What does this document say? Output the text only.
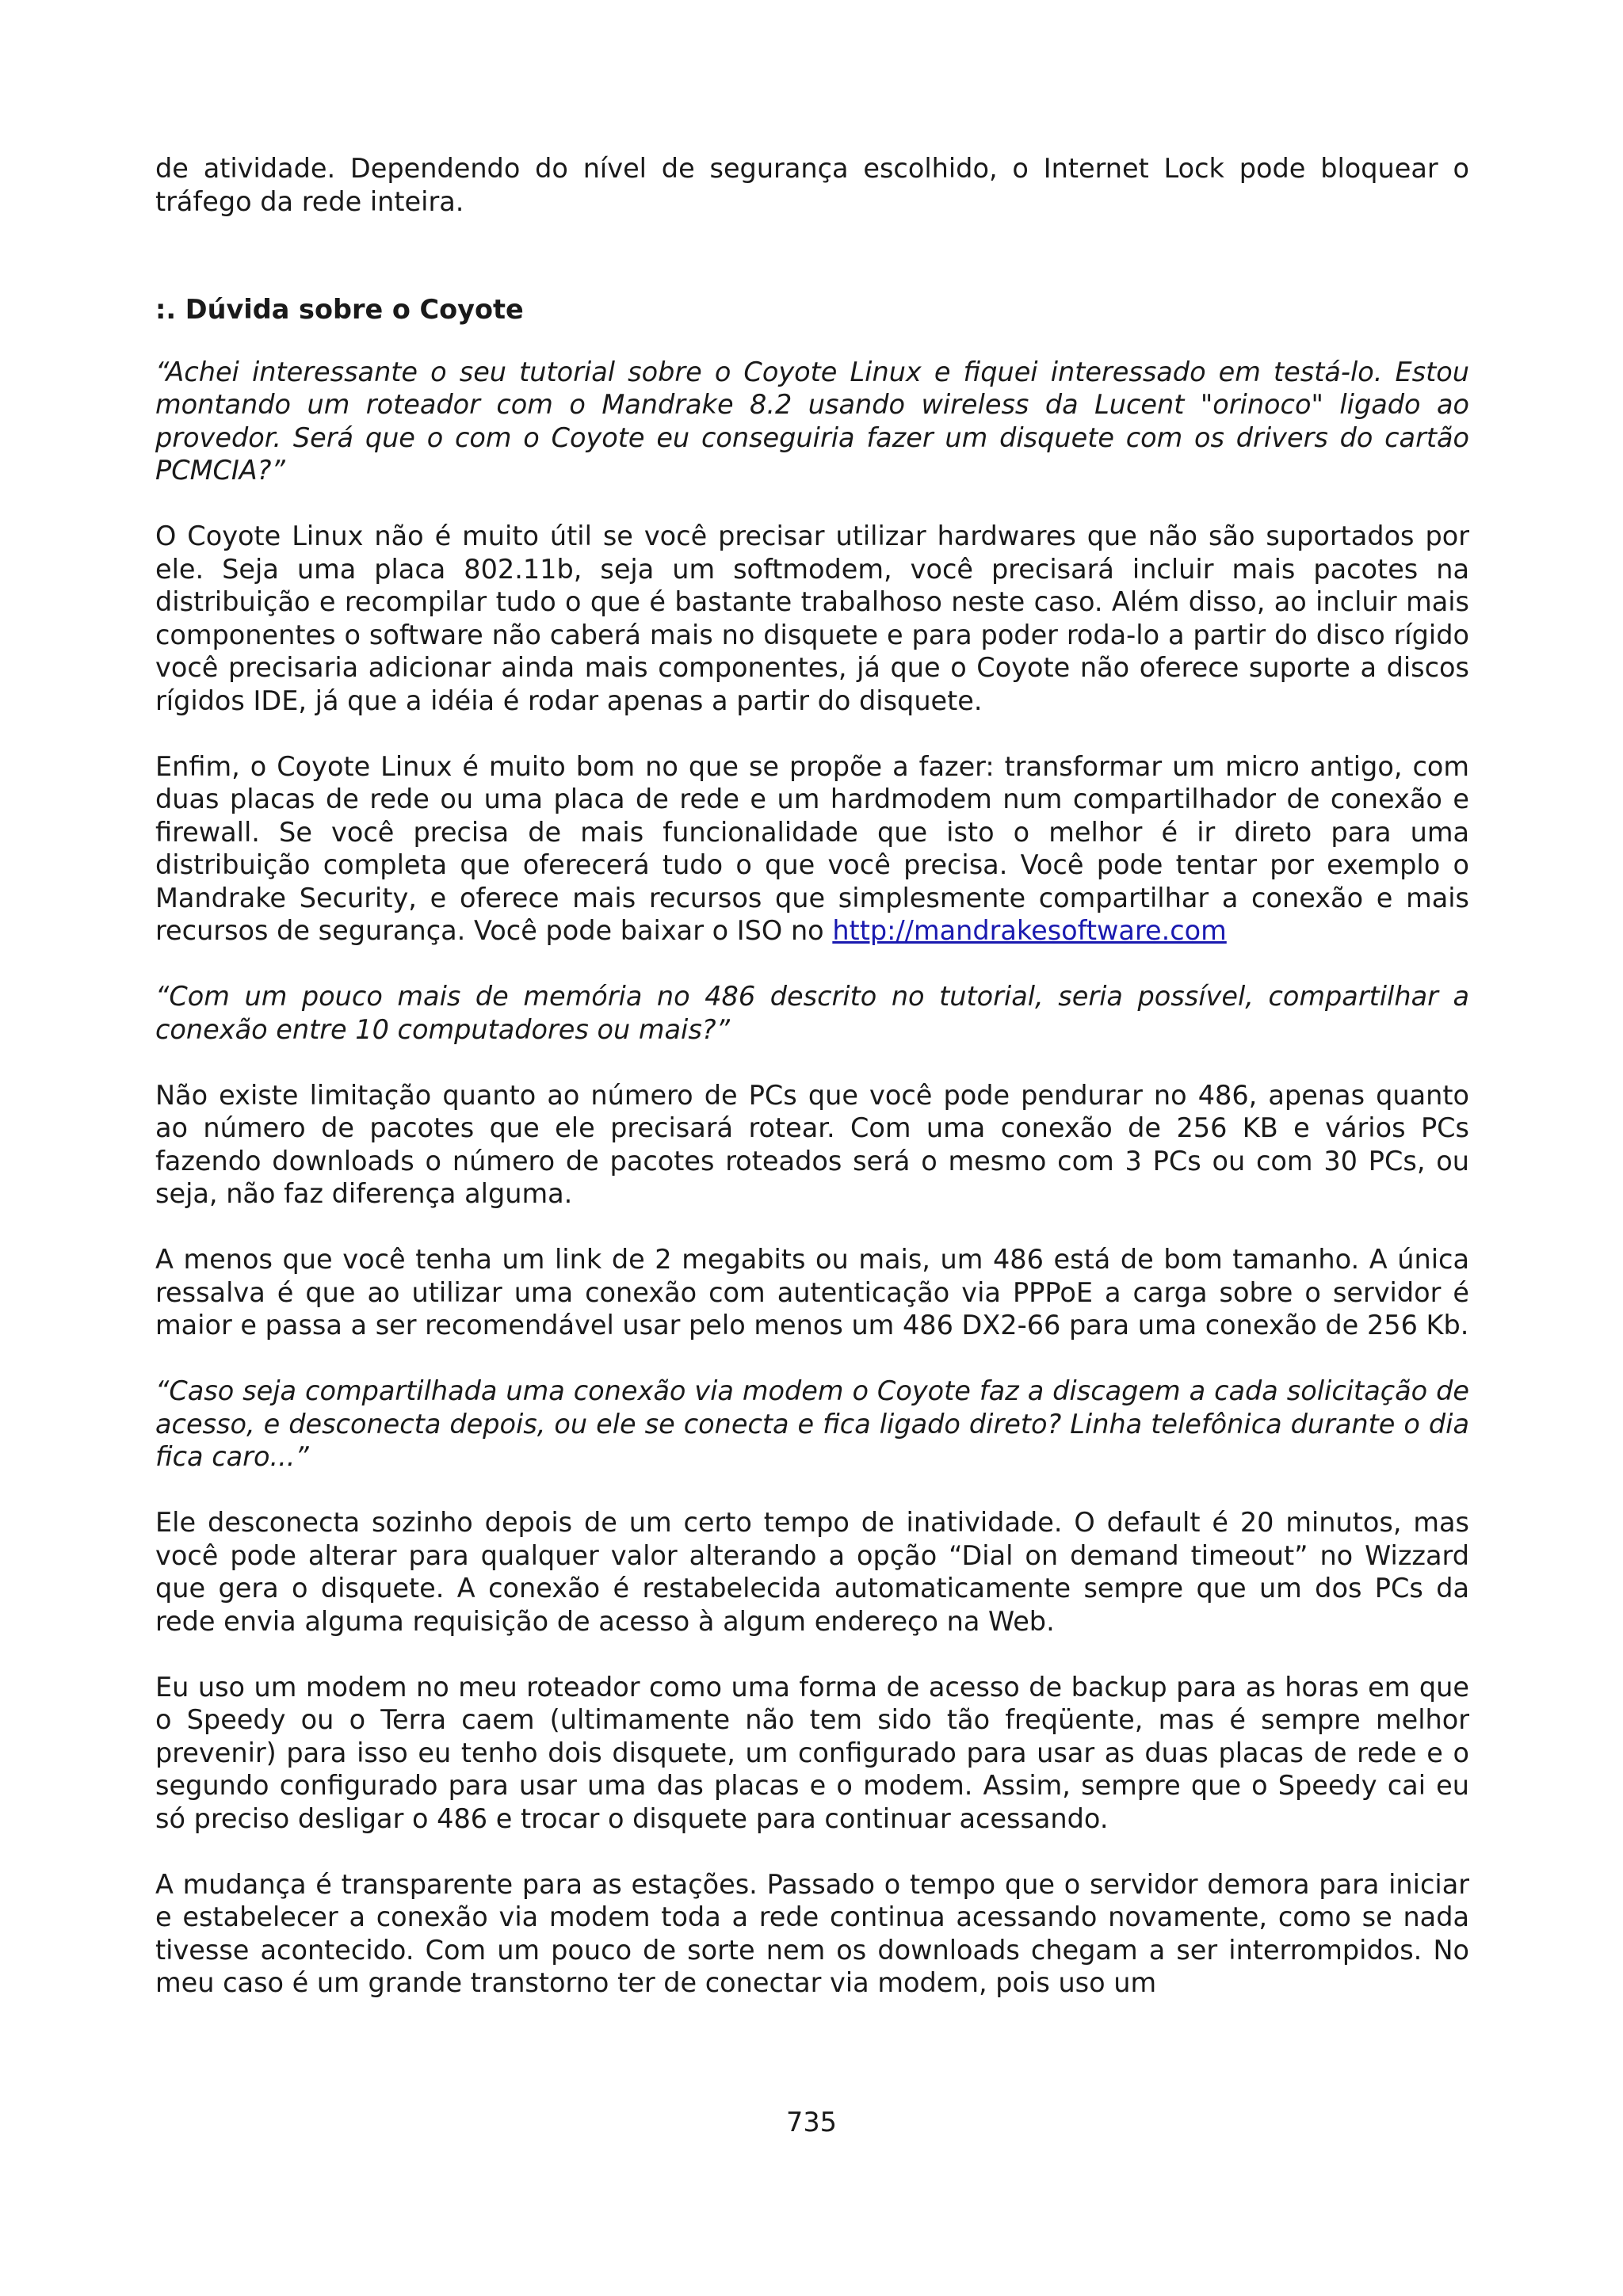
de atividade. Dependendo do nível de segurança escolhido, o Internet Lock pode bloquear o tráfego da rede inteira.

:. Dúvida sobre o Coyote

“Achei interessante o seu tutorial sobre o Coyote Linux e fiquei interessado em testá-lo. Estou montando um roteador com o Mandrake 8.2 usando wireless da Lucent "orinoco" ligado ao provedor. Será que o com o Coyote eu conseguiria fazer um disquete com os drivers do cartão PCMCIA?”

O Coyote Linux não é muito útil se você precisar utilizar hardwares que não são suportados por ele. Seja uma placa 802.11b, seja um softmodem, você precisará incluir mais pacotes na distribuição e recompilar tudo o que é bastante trabalhoso neste caso. Além disso, ao incluir mais componentes o software não caberá mais no disquete e para poder roda-lo a partir do disco rígido você precisaria adicionar ainda mais componentes, já que o Coyote não oferece suporte a discos rígidos IDE, já que a idéia é rodar apenas a partir do disquete.

Enfim, o Coyote Linux é muito bom no que se propõe a fazer: transformar um micro antigo, com duas placas de rede ou uma placa de rede e um hardmodem num compartilhador de conexão e firewall. Se você precisa de mais funcionalidade que isto o melhor é ir direto para uma distribuição completa que oferecerá tudo o que você precisa. Você pode tentar por exemplo o Mandrake Security, e oferece mais recursos que simplesmente compartilhar a conexão e mais recursos de segurança. Você pode baixar o ISO no http://mandrakesoftware.com

“Com um pouco mais de memória no 486 descrito no tutorial, seria possível, compartilhar a conexão entre 10 computadores ou mais?”

Não existe limitação quanto ao número de PCs que você pode pendurar no 486, apenas quanto ao número de pacotes que ele precisará rotear. Com uma conexão de 256 KB e vários PCs fazendo downloads o número de pacotes roteados será o mesmo com 3 PCs ou com 30 PCs, ou seja, não faz diferença alguma.

A menos que você tenha um link de 2 megabits ou mais, um 486 está de bom tamanho. A única ressalva é que ao utilizar uma conexão com autenticação via PPPoE a carga sobre o servidor é maior e passa a ser recomendável usar pelo menos um 486 DX2-66 para uma conexão de 256 Kb.

“Caso seja compartilhada uma conexão via modem o Coyote faz a discagem a cada solicitação de acesso, e desconecta depois, ou ele se conecta e fica ligado direto? Linha telefônica durante o dia fica caro...”

Ele desconecta sozinho depois de um certo tempo de inatividade. O default é 20 minutos, mas você pode alterar para qualquer valor alterando a opção “Dial on demand timeout” no Wizzard que gera o disquete. A conexão é restabelecida automaticamente sempre que um dos PCs da rede envia alguma requisição de acesso à algum endereço na Web.

Eu uso um modem no meu roteador como uma forma de acesso de backup para as horas em que o Speedy ou o Terra caem (ultimamente não tem sido tão freqüente, mas é sempre melhor prevenir) para isso eu tenho dois disquete, um configurado para usar as duas placas de rede e o segundo configurado para usar uma das placas e o modem. Assim, sempre que o Speedy cai eu só preciso desligar o 486 e trocar o disquete para continuar acessando.

A mudança é transparente para as estações. Passado o tempo que o servidor demora para iniciar e estabelecer a conexão via modem toda a rede continua acessando novamente, como se nada tivesse acontecido. Com um pouco de sorte nem os downloads chegam a ser interrompidos. No meu caso é um grande transtorno ter de conectar via modem, pois uso um

735
